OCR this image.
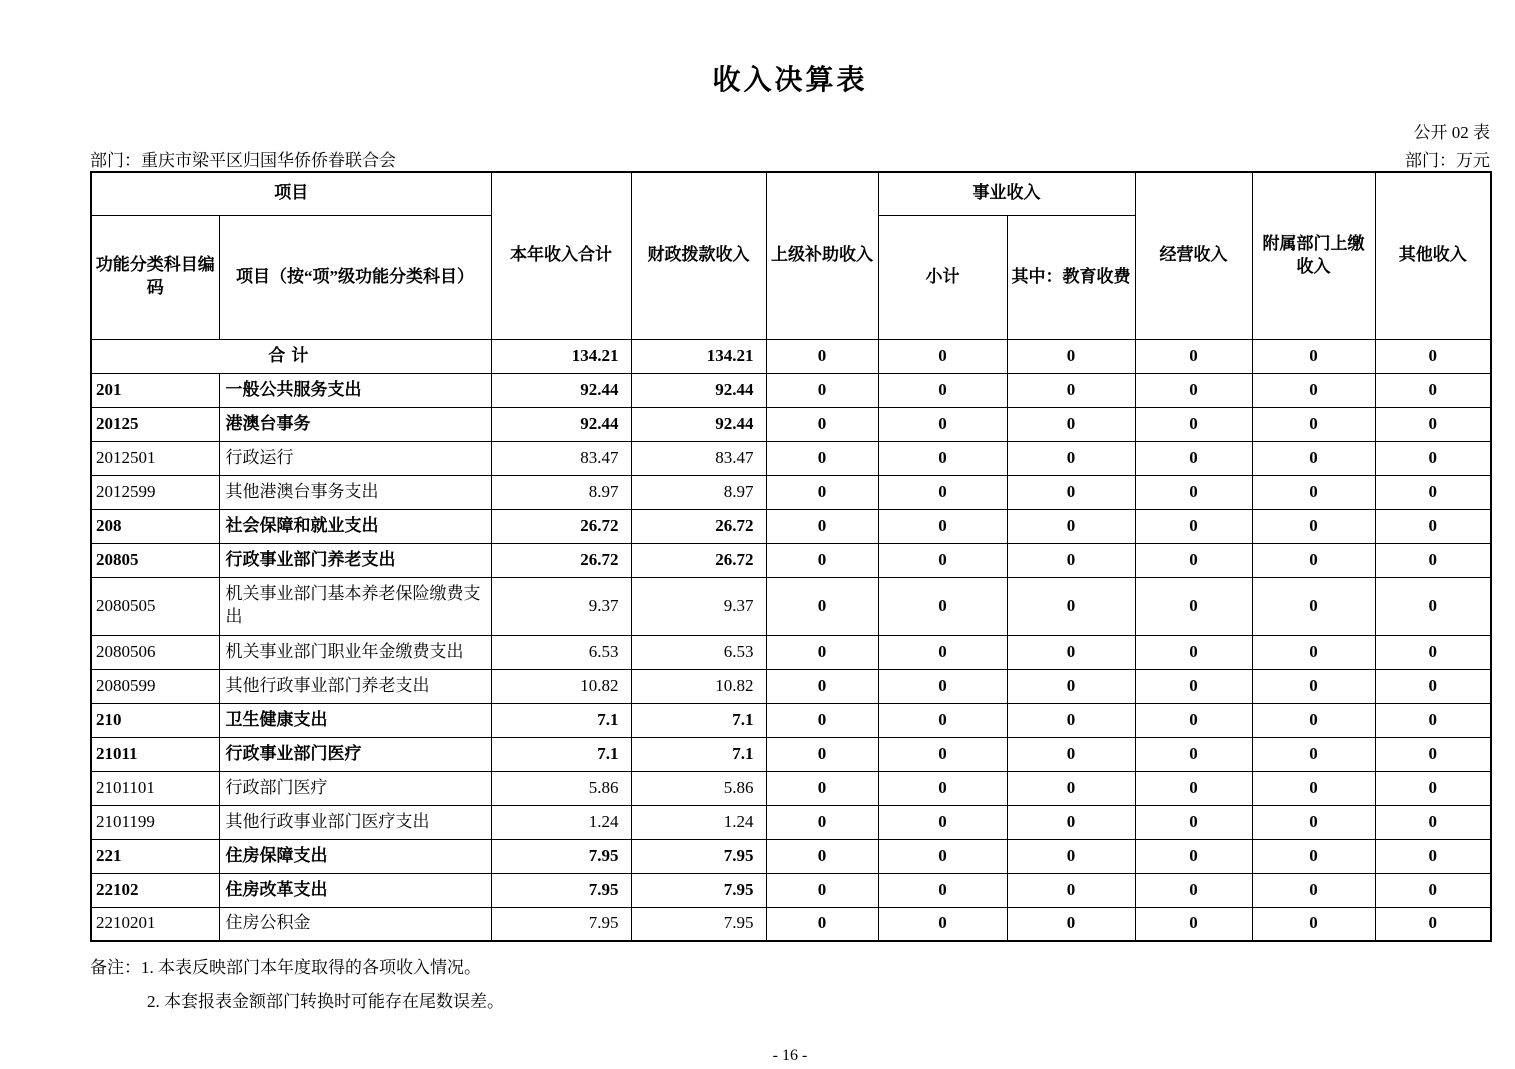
收入决算表
公开 02 表
部门：重庆市梁平区归国华侨侨眷联合会	部门：万元
项目		本年收入合计	财政拨款收入	上级补助收入	事业收入		经营收入	附属部门上缴收入	其他收入
功能分类科目编码	项目（按“项”级功能分类科目）				小计	其中：教育收费			
合计		134.21	134.21	0	0	0	0	0	0
201	一般公共服务支出	92.44	92.44	0	0	0	0	0	0
20125	港澳台事务	92.44	92.44	0	0	0	0	0	0
2012501	行政运行	83.47	83.47	0	0	0	0	0	0
2012599	其他港澳台事务支出	8.97	8.97	0	0	0	0	0	0
208	社会保障和就业支出	26.72	26.72	0	0	0	0	0	0
20805	行政事业部门养老支出	26.72	26.72	0	0	0	0	0	0
2080505	机关事业部门基本养老保险缴费支出	9.37	9.37	0	0	0	0	0	0
2080506	机关事业部门职业年金缴费支出	6.53	6.53	0	0	0	0	0	0
2080599	其他行政事业部门养老支出	10.82	10.82	0	0	0	0	0	0
210	卫生健康支出	7.1	7.1	0	0	0	0	0	0
21011	行政事业部门医疗	7.1	7.1	0	0	0	0	0	0
2101101	行政部门医疗	5.86	5.86	0	0	0	0	0	0
2101199	其他行政事业部门医疗支出	1.24	1.24	0	0	0	0	0	0
221	住房保障支出	7.95	7.95	0	0	0	0	0	0
22102	住房改革支出	7.95	7.95	0	0	0	0	0	0
2210201	住房公积金	7.95	7.95	0	0	0	0	0	0
备注：1. 本表反映部门本年度取得的各项收入情况。
2. 本套报表金额部门转换时可能存在尾数误差。
- 16 -
